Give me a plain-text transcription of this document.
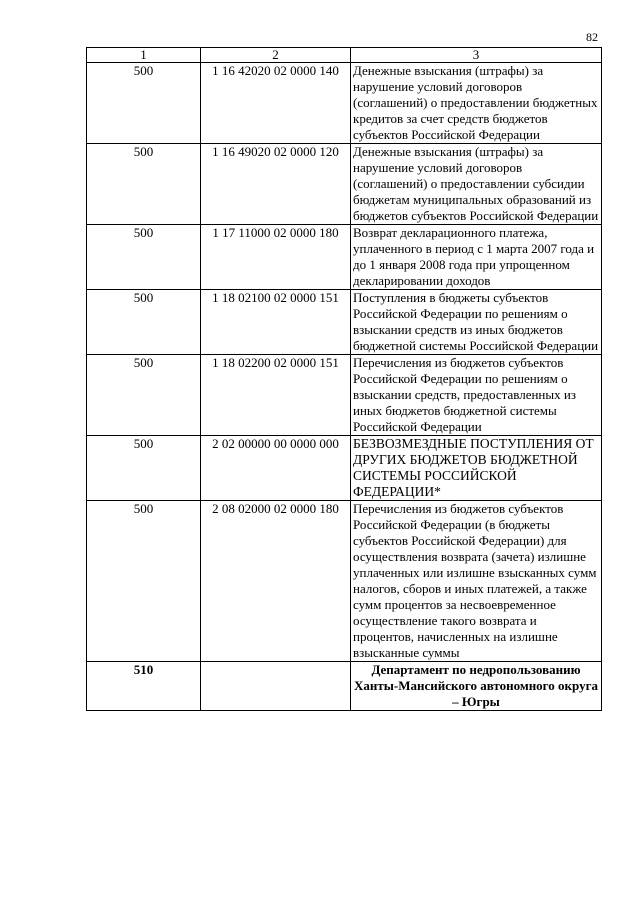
82
1	2	3
500	1 16 42020 02 0000 140	Денежные взыскания (штрафы) за нарушение условий договоров (соглашений) о предоставлении бюджетных кредитов за счет средств бюджетов субъектов Российской Федерации
500	1 16 49020 02 0000 120	Денежные взыскания (штрафы) за нарушение условий договоров (соглашений) о предоставлении субсидии бюджетам муниципальных образований из бюджетов субъектов Российской Федерации
500	1 17 11000 02 0000 180	Возврат декларационного платежа, уплаченного в период с 1 марта 2007 года и до 1 января 2008 года при упрощенном декларировании доходов
500	1 18 02100 02 0000 151	Поступления в бюджеты субъектов Российской Федерации по решениям о взыскании средств из иных бюджетов бюджетной системы Российской Федерации
500	1 18 02200 02 0000 151	Перечисления из бюджетов субъектов Российской Федерации по решениям о взыскании средств, предоставленных из иных бюджетов бюджетной системы Российской Федерации
500	2 02 00000 00 0000 000	БЕЗВОЗМЕЗДНЫЕ ПОСТУПЛЕНИЯ ОТ ДРУГИХ БЮДЖЕТОВ БЮДЖЕТНОЙ СИСТЕМЫ РОССИЙСКОЙ ФЕДЕРАЦИИ*
500	2 08 02000 02 0000 180	Перечисления из бюджетов субъектов Российской Федерации (в бюджеты субъектов Российской Федерации) для осуществления возврата (зачета) излишне уплаченных или излишне взысканных сумм налогов, сборов и иных платежей, а также сумм процентов за несвоевременное осуществление такого возврата и процентов, начисленных на излишне взысканные суммы
510		Департамент по недропользованию Ханты-Мансийского автономного округа – Югры
